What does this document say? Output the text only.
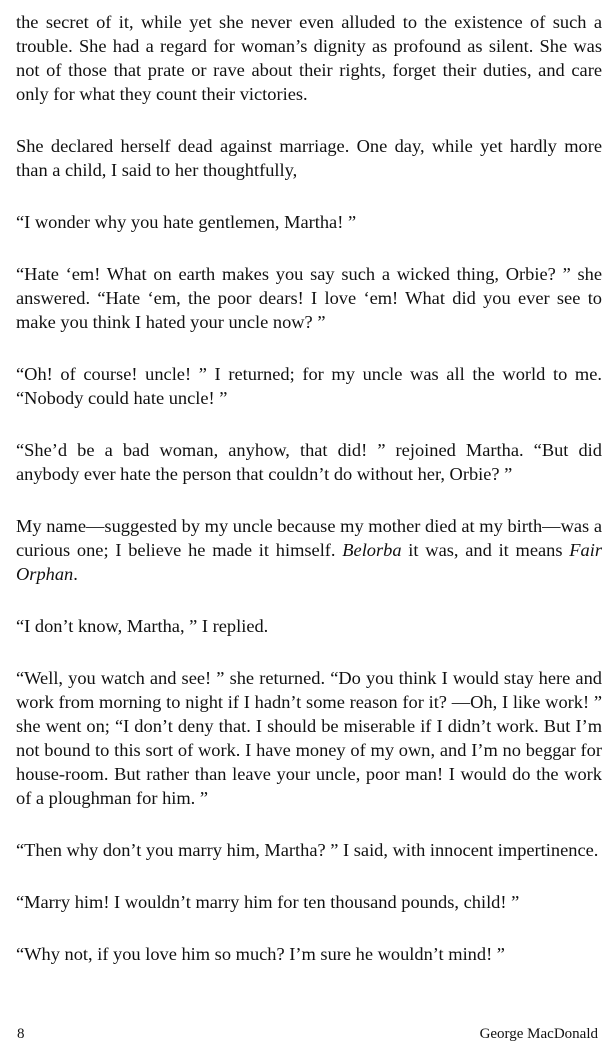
the secret of it, while yet she never even alluded to the existence of such a trouble. She had a regard for woman’s dignity as profound as silent. She was not of those that prate or rave about their rights, forget their duties, and care only for what they count their victories.

She declared herself dead against marriage. One day, while yet hardly more than a child, I said to her thoughtfully,

“I wonder why you hate gentlemen, Martha! ”

“Hate ‘em! What on earth makes you say such a wicked thing, Orbie? ” she answered. “Hate ‘em, the poor dears! I love ‘em! What did you ever see to make you think I hated your uncle now? ”

“Oh! of course! uncle! ” I returned; for my uncle was all the world to me. “Nobody could hate uncle! ”

“She’d be a bad woman, anyhow, that did! ” rejoined Martha. “But did anybody ever hate the person that couldn’t do without her, Orbie? ”

My name—suggested by my uncle because my mother died at my birth—was a curious one; I believe he made it himself. Belorba it was, and it means Fair Orphan.

“I don’t know, Martha, ” I replied.

“Well, you watch and see! ” she returned. “Do you think I would stay here and work from morning to night if I hadn’t some reason for it? —Oh, I like work! ” she went on; “I don’t deny that. I should be miserable if I didn’t work. But I’m not bound to this sort of work. I have money of my own, and I’m no beggar for house-room. But rather than leave your uncle, poor man! I would do the work of a ploughman for him. ”

“Then why don’t you marry him, Martha? ” I said, with innocent impertinence.

“Marry him! I wouldn’t marry him for ten thousand pounds, child! ”

“Why not, if you love him so much? I’m sure he wouldn’t mind! ”

8	George MacDonald
